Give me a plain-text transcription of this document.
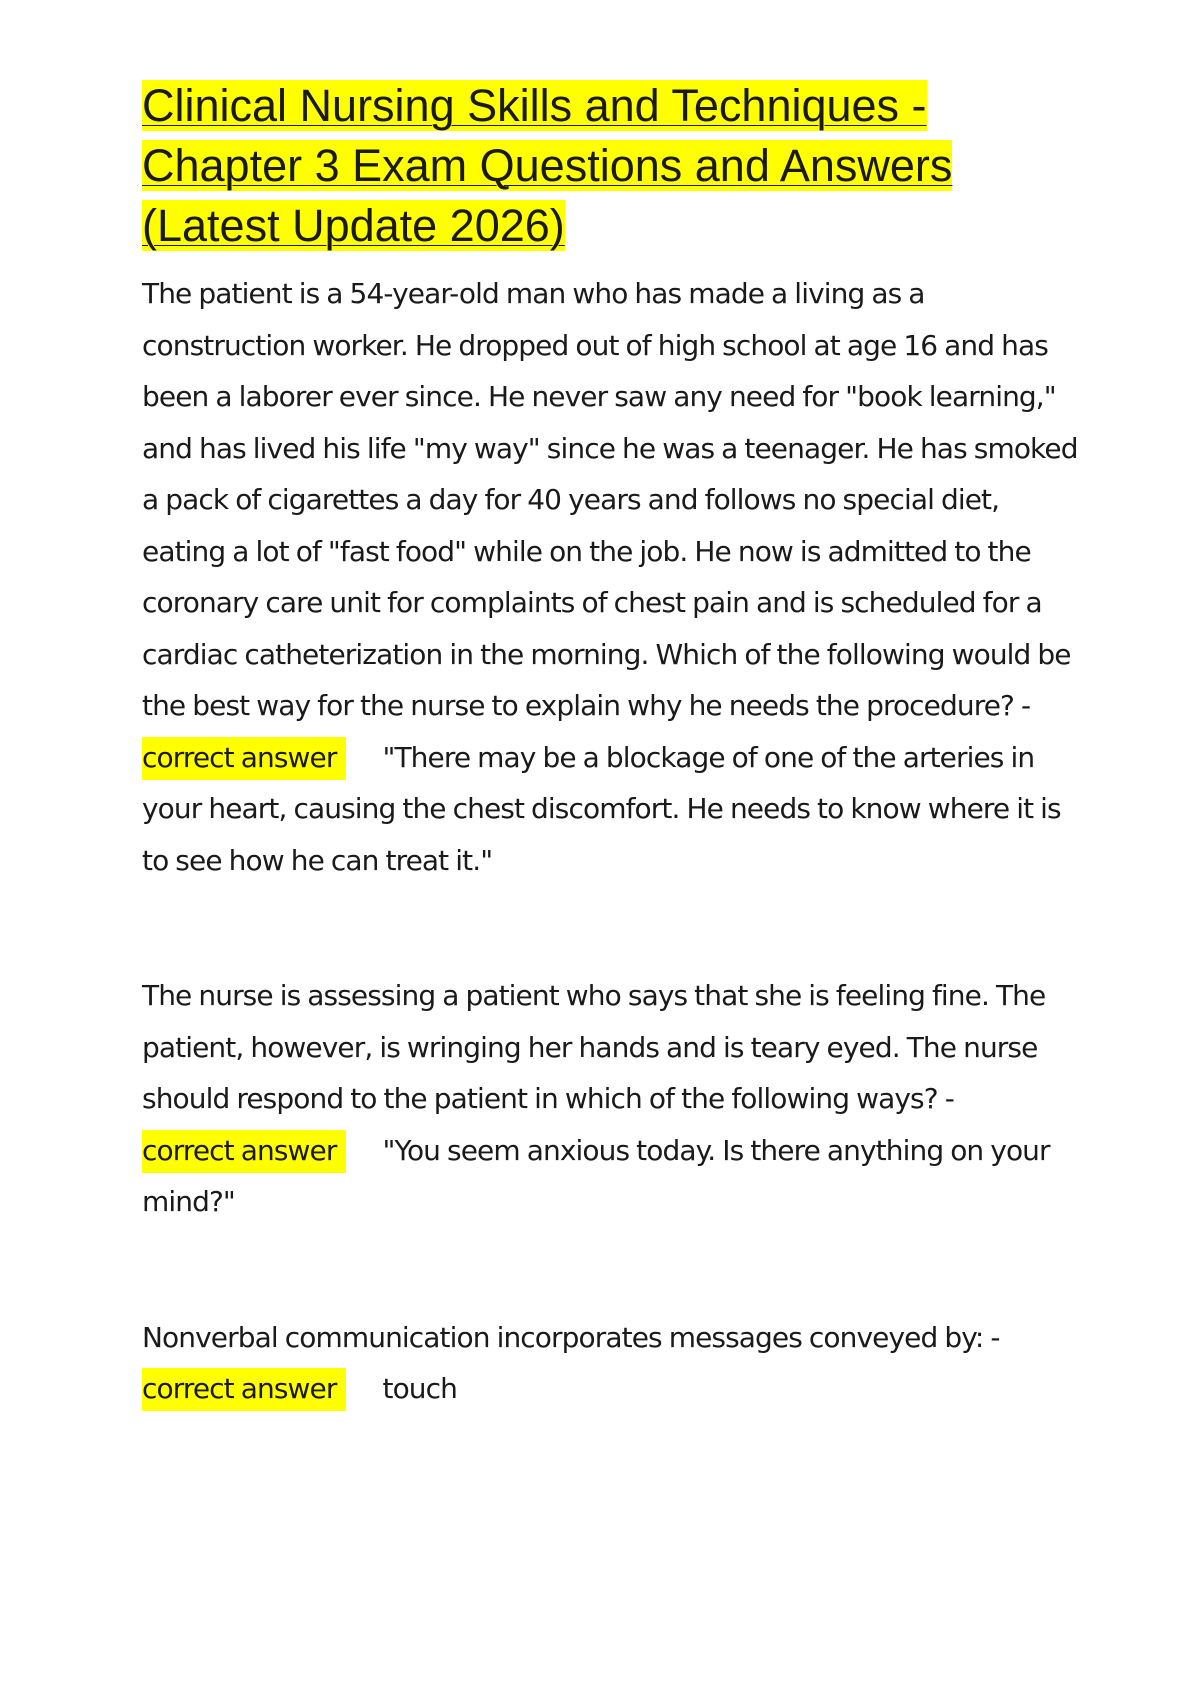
Clinical Nursing Skills and Techniques - Chapter 3 Exam Questions and Answers (Latest Update 2026)

The patient is a 54-year-old man who has made a living as a construction worker. He dropped out of high school at age 16 and has been a laborer ever since. He never saw any need for "book learning," and has lived his life "my way" since he was a teenager. He has smoked a pack of cigarettes a day for 40 years and follows no special diet, eating a lot of "fast food" while on the job. He now is admitted to the coronary care unit for complaints of chest pain and is scheduled for a cardiac catheterization in the morning. Which of the following would be the best way for the nurse to explain why he needs the procedure? -

correct answer "There may be a blockage of one of the arteries in your heart, causing the chest discomfort. He needs to know where it is to see how he can treat it."

The nurse is assessing a patient who says that she is feeling fine. The patient, however, is wringing her hands and is teary eyed. The nurse should respond to the patient in which of the following ways? -

correct answer "You seem anxious today. Is there anything on your mind?"

Nonverbal communication incorporates messages conveyed by: -

correct answer touch
